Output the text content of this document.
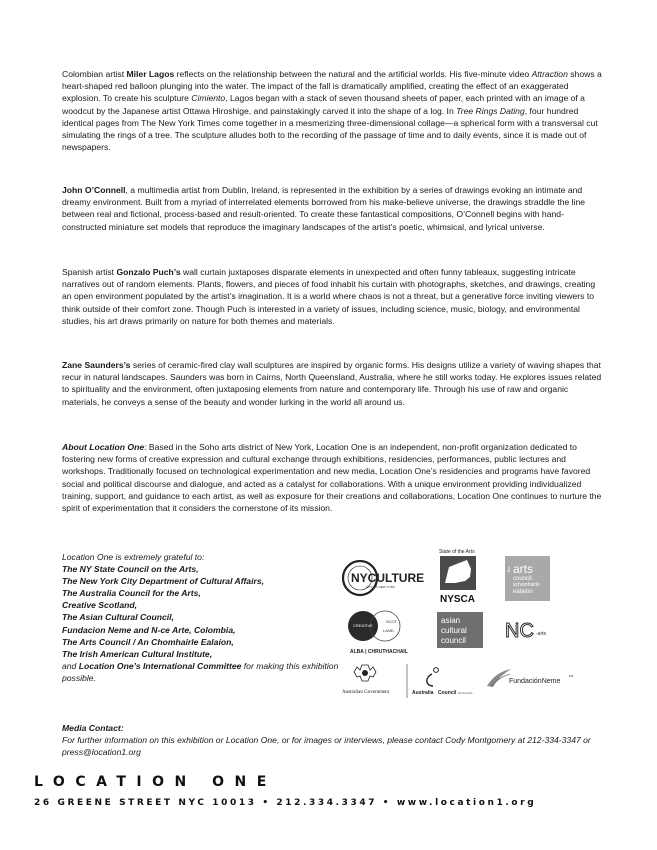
Colombian artist Miler Lagos reflects on the relationship between the natural and the artificial worlds. His five-minute video Attraction shows a heart-shaped red balloon plunging into the water. The impact of the fall is dramatically amplified, creating the effect of an exaggerated explosion. To create his sculpture Cimiento, Lagos began with a stack of seven thousand sheets of paper, each printed with an image of a woodcut by the Japanese artist Ottawa Hiroshige, and painstakingly carved it into the shape of a log. In Tree Rings Dating, four hundred identical pages from The New York Times come together in a mesmerizing three-dimensional collage—a spherical form with a transversal cut simulating the rings of a tree. The sculpture alludes both to the recording of the passage of time and to daily events, since it is made out of newspapers.

John O’Connell, a multimedia artist from Dublin, Ireland, is represented in the exhibition by a series of drawings evoking an intimate and dreamy environment. Built from a myriad of interrelated elements borrowed from his make-believe universe, the drawings straddle the line between real and fictional, process-based and result-oriented. To create these fantastical compositions, O’Connell begins with hand-constructed miniature set models that reproduce the imaginary landscapes of the artist’s poetic, whimsical, and lyrical universe.

Spanish artist Gonzalo Puch’s wall curtain juxtaposes disparate elements in unexpected and often funny tableaux, suggesting intricate narratives out of random elements. Plants, flowers, and pieces of food inhabit his curtain with photographs, sketches, and drawings, creating an open environment populated by the artist’s imagination. It is a world where chaos is not a threat, but a generative force inviting viewers to think outside of their comfort zone. Though Puch is interested in a variety of issues, including science, music, biology, and environmental studies, his art draws primarily on nature for both themes and materials.

Zane Saunders’s series of ceramic-fired clay wall sculptures are inspired by organic forms. His designs utilize a variety of waving shapes that recur in natural landscapes. Saunders was born in Cairns, North Queensland, Australia, where he still works today. He explores issues related to spirituality and the environment, often juxtaposing elements from nature and contemporary life. Through his use of raw and organic materials, he conveys a sense of the beauty and wonder lurking in the world all around us.

About Location One: Based in the Soho arts district of New York, Location One is an independent, non-profit organization dedicated to fostering new forms of creative expression and cultural exchange through exhibitions, residencies, performances, public lectures and workshops. Traditionally focused on technological experimentation and new media, Location One’s residencies and programs have favored social and political discourse and dialogue, and acted as a catalyst for collaborations. With a unique environment providing individualized training, support, and guidance to each artist, as well as exposure for their creations and collaborations, Location One continues to nurture the spirit of experimentation that it considers the cornerstone of its mission.

Location One is extremely grateful to:
The NY State Council on the Arts,
The New York City Department of Cultural Affairs,
The Australia Council for the Arts,
Creative Scotland,
The Asian Cultural Council,
Fundacion Neme and N-ce Arte, Colombia,
The Arts Council / An Chomhairle Ealaíon,
The Irish American Cultural Institute,
and Location One’s International Committee for making this exhibition possible.
NYCULTURE
CITY OF NEW YORK
State of the Arts
NYSCA
the arts
council
schomhairle
ealaíon
CREATIVE
SCOT
LAND
ALBA | CHRUTHACHAIL
asian
cultural
council NC -arte
Australian Government	Australia Council for the Arts
FundaciónNeme
co
Media Contact:
For further information on this exhibition or Location One, or for images or interviews, please contact Cody Montgomery at 212-334-3347 or press@location1.org
LOCATION ONE
26 GREENE STREET NYC 10013 • 212.334.3347 • www.location1.org
